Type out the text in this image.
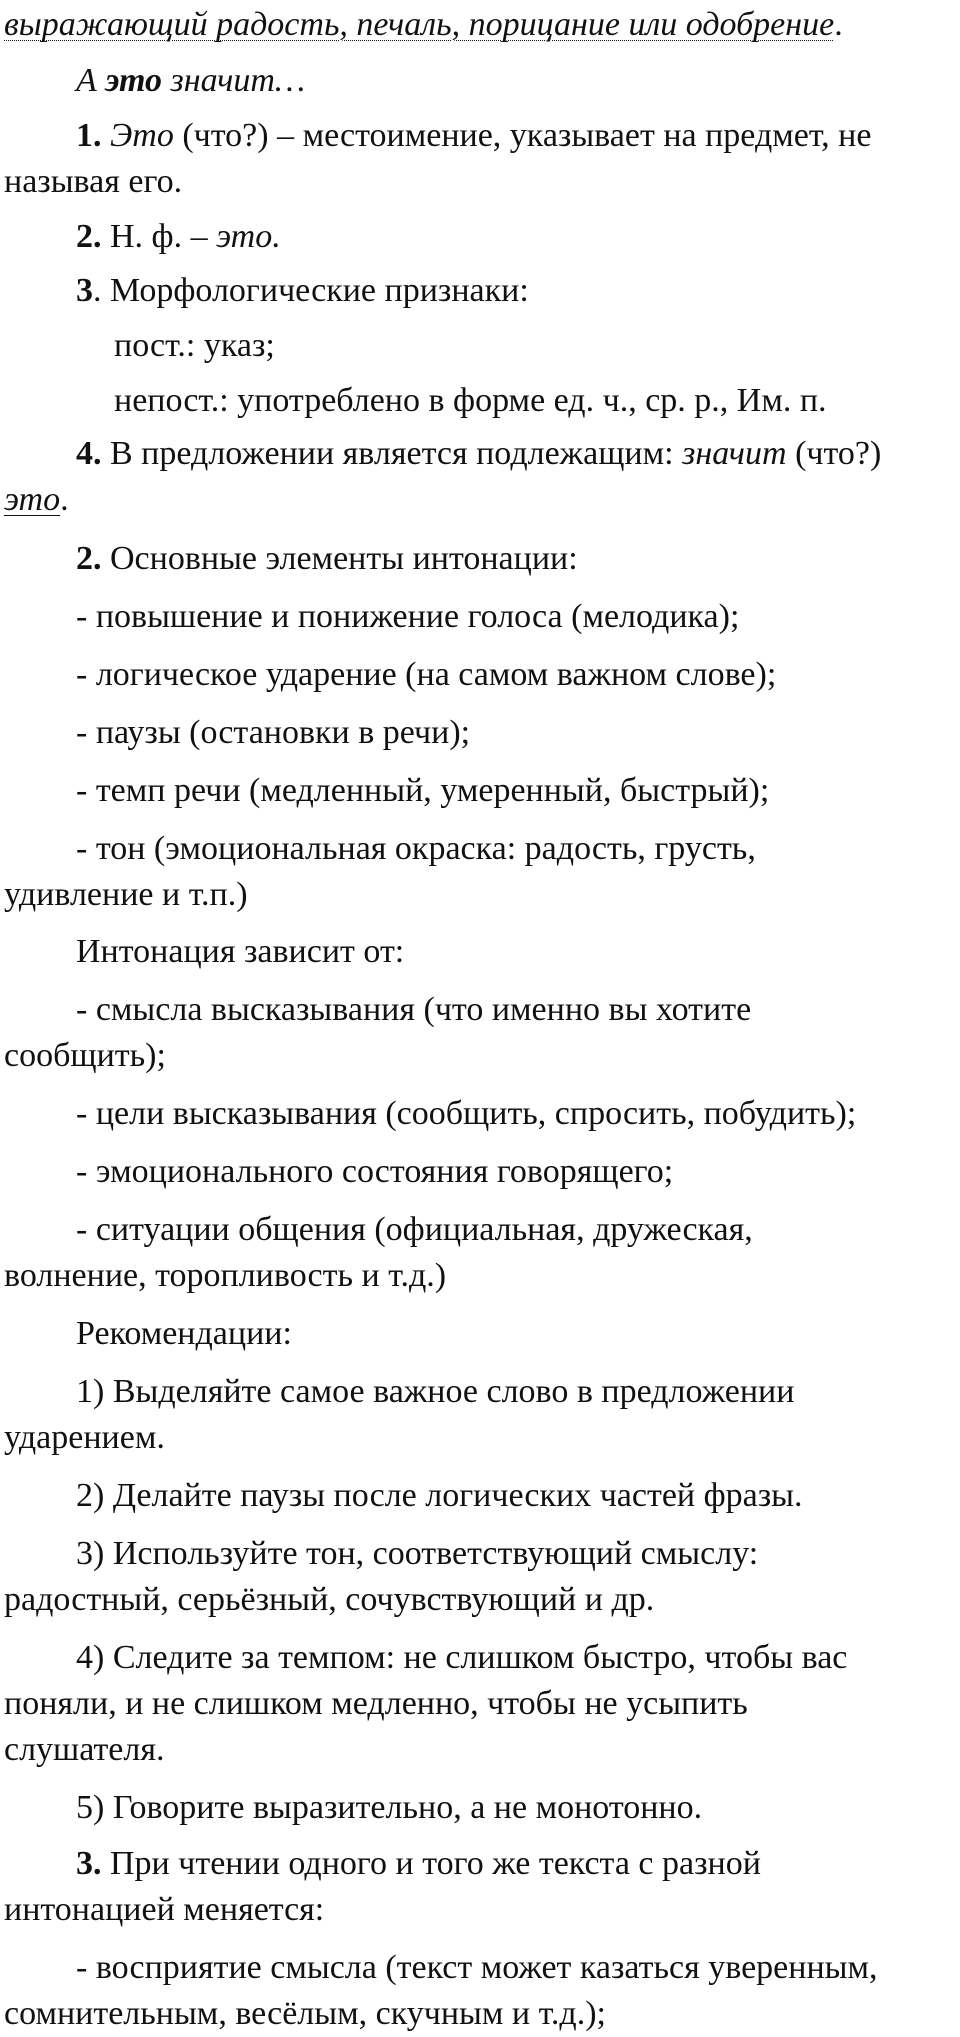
выражающий радость, печаль, порицание или одобрение.
А это значит…
1. Это (что?) – местоимение, указывает на предмет, не
называя его.
2. Н. ф. – это.
3. Морфологические признаки:
пост.: указ;
непост.: употреблено в форме ед. ч., ср. р., Им. п.
4. В предложении является подлежащим: значит (что?)
это.
2. Основные элементы интонации:
- повышение и понижение голоса (мелодика);
- логическое ударение (на самом важном слове);
- паузы (остановки в речи);
- темп речи (медленный, умеренный, быстрый);
- тон (эмоциональная окраска: радость, грусть,
удивление и т.п.)
Интонация зависит от:
- смысла высказывания (что именно вы хотите
сообщить);
- цели высказывания (сообщить, спросить, побудить);
- эмоционального состояния говорящего;
- ситуации общения (официальная, дружеская,
волнение, торопливость и т.д.)
Рекомендации:
1) Выделяйте самое важное слово в предложении
ударением.
2) Делайте паузы после логических частей фразы.
3) Используйте тон, соответствующий смыслу:
радостный, серьёзный, сочувствующий и др.
4) Следите за темпом: не слишком быстро, чтобы вас
поняли, и не слишком медленно, чтобы не усыпить
слушателя.
5) Говорите выразительно, а не монотонно.
3. При чтении одного и того же текста с разной
интонацией меняется:
- восприятие смысла (текст может казаться уверенным,
сомнительным, весёлым, скучным и т.д.);
